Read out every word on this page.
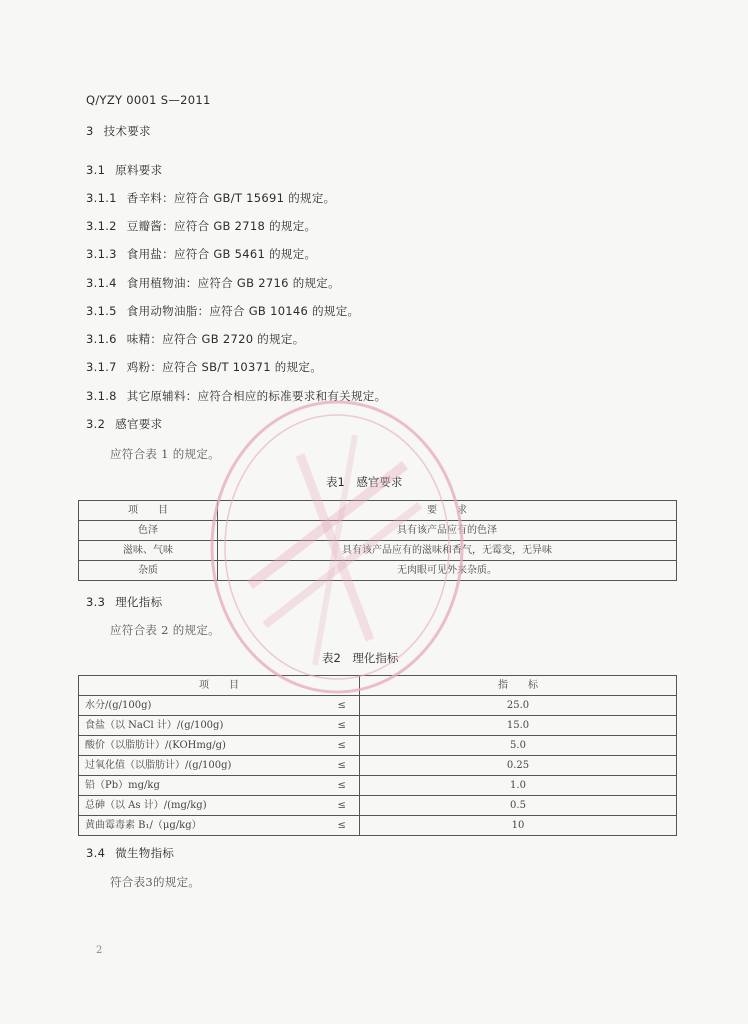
Q/YZY 0001 S—2011
3 技术要求
3.1 原料要求
3.1.1 香辛料：应符合 GB/T 15691 的规定。
3.1.2 豆瓣酱：应符合 GB 2718 的规定。
3.1.3 食用盐：应符合 GB 5461 的规定。
3.1.4 食用植物油：应符合 GB 2716 的规定。
3.1.5 食用动物油脂：应符合 GB 10146 的规定。
3.1.6 味精：应符合 GB 2720 的规定。
3.1.7 鸡粉：应符合 SB/T 10371 的规定。
3.1.8 其它原辅料：应符合相应的标准要求和有关规定。
3.2 感官要求
应符合表 1 的规定。
表1　感官要求
项　　目	要　　求
色泽	具有该产品应有的色泽
滋味、气味	具有该产品应有的滋味和香气，无霉变，无异味
杂质	无肉眼可见外来杂质。
3.3 理化指标
应符合表 2 的规定。
表2　理化指标
项　　目		指　　标
水分/(g/100g)	≤	25.0
食盐（以 NaCl 计）/(g/100g)	≤	15.0
酸价（以脂肪计）/(KOHmg/g)	≤	5.0
过氧化值（以脂肪计）/(g/100g)	≤	0.25
铅（Pb）mg/kg	≤	1.0
总砷（以 As 计）/(mg/kg)	≤	0.5
黄曲霉毒素 B₁/（μg/kg）	≤	10
3.4 微生物指标
符合表3的规定。
2
